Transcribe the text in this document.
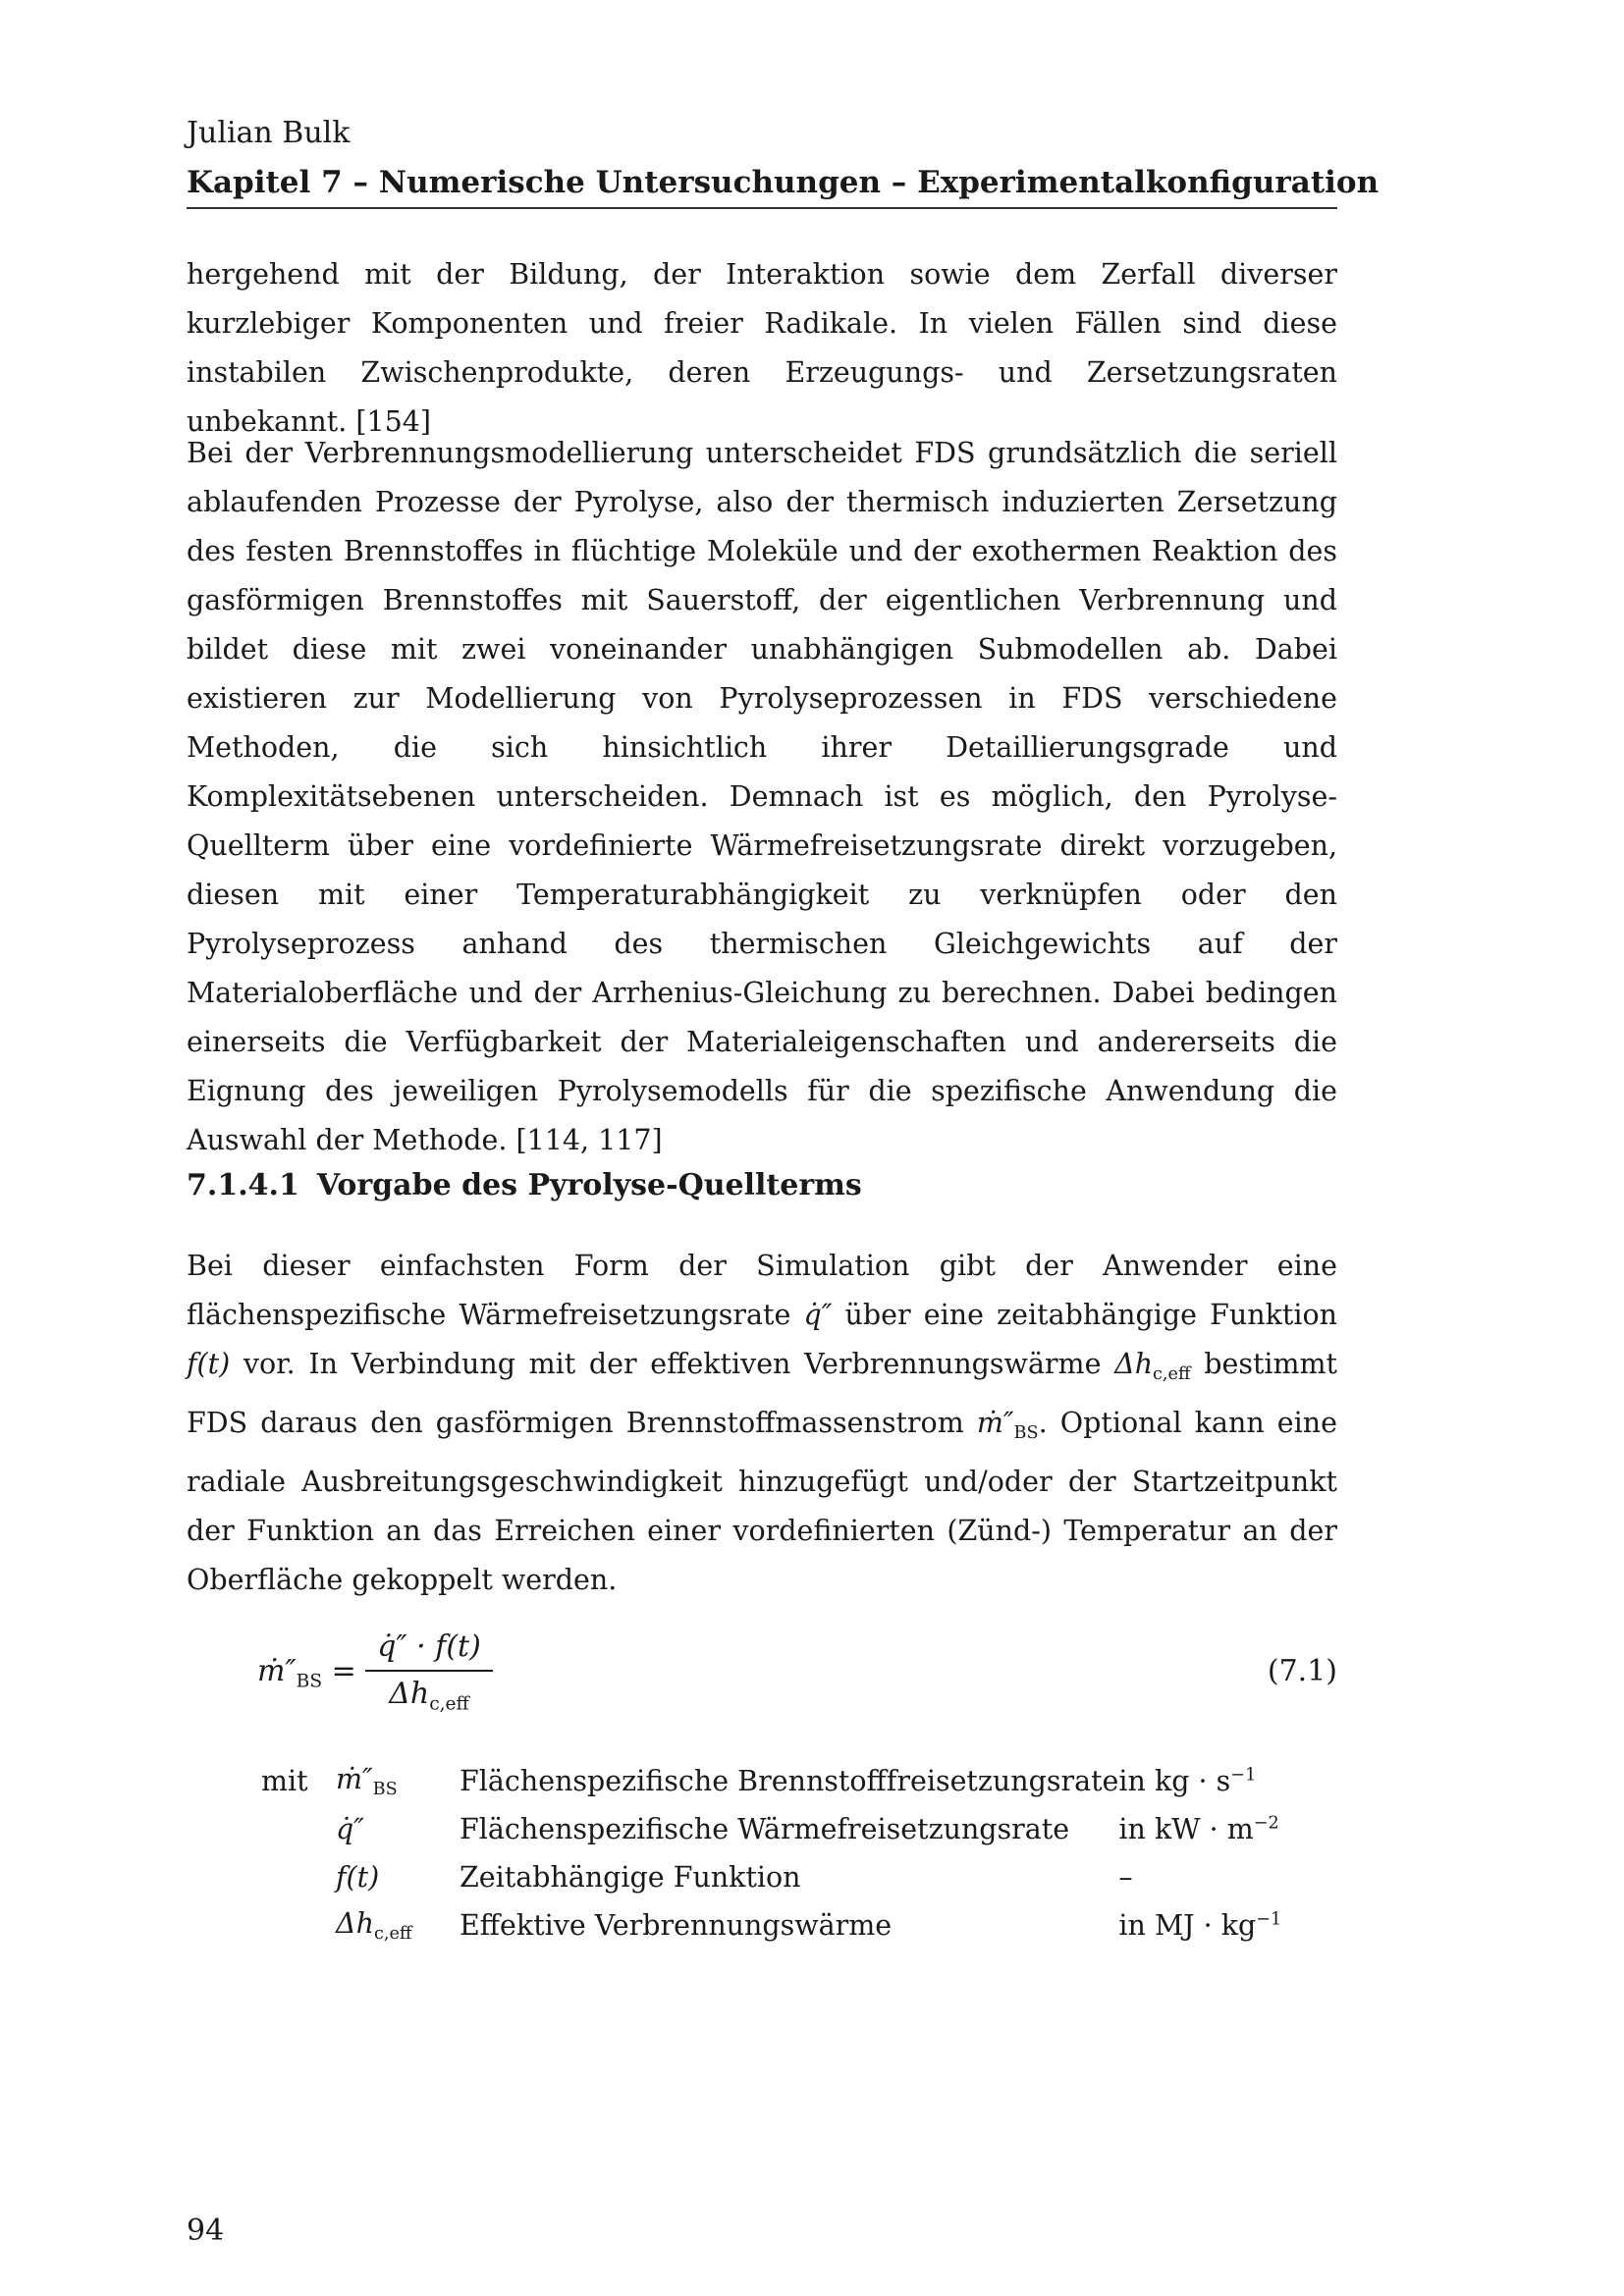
Julian Bulk
Kapitel 7 – Numerische Untersuchungen – Experimentalkonfiguration

hergehend mit der Bildung, der Interaktion sowie dem Zerfall diverser kurzlebiger Komponenten und freier Radikale. In vielen Fällen sind diese instabilen Zwischenprodukte, deren Erzeugungs- und Zersetzungsraten unbekannt. [154]

Bei der Verbrennungsmodellierung unterscheidet FDS grundsätzlich die seriell ablaufenden Prozesse der Pyrolyse, also der thermisch induzierten Zersetzung des festen Brennstoffes in flüchtige Moleküle und der exothermen Reaktion des gasförmigen Brennstoffes mit Sauerstoff, der eigentlichen Verbrennung und bildet diese mit zwei voneinander unabhängigen Submodellen ab. Dabei existieren zur Modellierung von Pyrolyseprozessen in FDS verschiedene Methoden, die sich hinsichtlich ihrer Detaillierungsgrade und Komplexitätsebenen unterscheiden. Demnach ist es möglich, den Pyrolyse-Quellterm über eine vordefinierte Wärmefreisetzungsrate direkt vorzugeben, diesen mit einer Temperaturabhängigkeit zu verknüpfen oder den Pyrolyseprozess anhand des thermischen Gleichgewichts auf der Materialoberfläche und der Arrhenius-Gleichung zu berechnen. Dabei bedingen einerseits die Verfügbarkeit der Materialeigenschaften und andererseits die Eignung des jeweiligen Pyrolysemodells für die spezifische Anwendung die Auswahl der Methode. [114, 117]

7.1.4.1 Vorgabe des Pyrolyse-Quellterms

Bei dieser einfachsten Form der Simulation gibt der Anwender eine flächenspezifische Wärmefreisetzungsrate q̇″ über eine zeitabhängige Funktion f(t) vor. In Verbindung mit der effektiven Verbrennungswärme $\Delta h_{c,eff}$ bestimmt FDS daraus den gasförmigen Brennstoffmassenstrom $ṁ''_{BS}$. Optional kann eine radiale Ausbreitungsgeschwindigkeit hinzugefügt und/oder der Startzeitpunkt der Funktion an das Erreichen einer vordefinierten (Zünd-) Temperatur an der Oberfläche gekoppelt werden.

$ṁ''_{BS}$ =
q̇″ · f(t)
$\Delta h_{c,eff}$
(7.1)
mit	$ṁ''_{BS}$	Flächenspezifische Brennstofffreisetzungsrate	in kg · $s^{-1}$
	q̇″	Flächenspezifische Wärmefreisetzungsrate	in kW · $m^{-2}$
	f(t)	Zeitabhängige Funktion	–
	$\Delta h_{c,eff}$	Effektive Verbrennungswärme	in MJ · $kg^{-1}$
94
